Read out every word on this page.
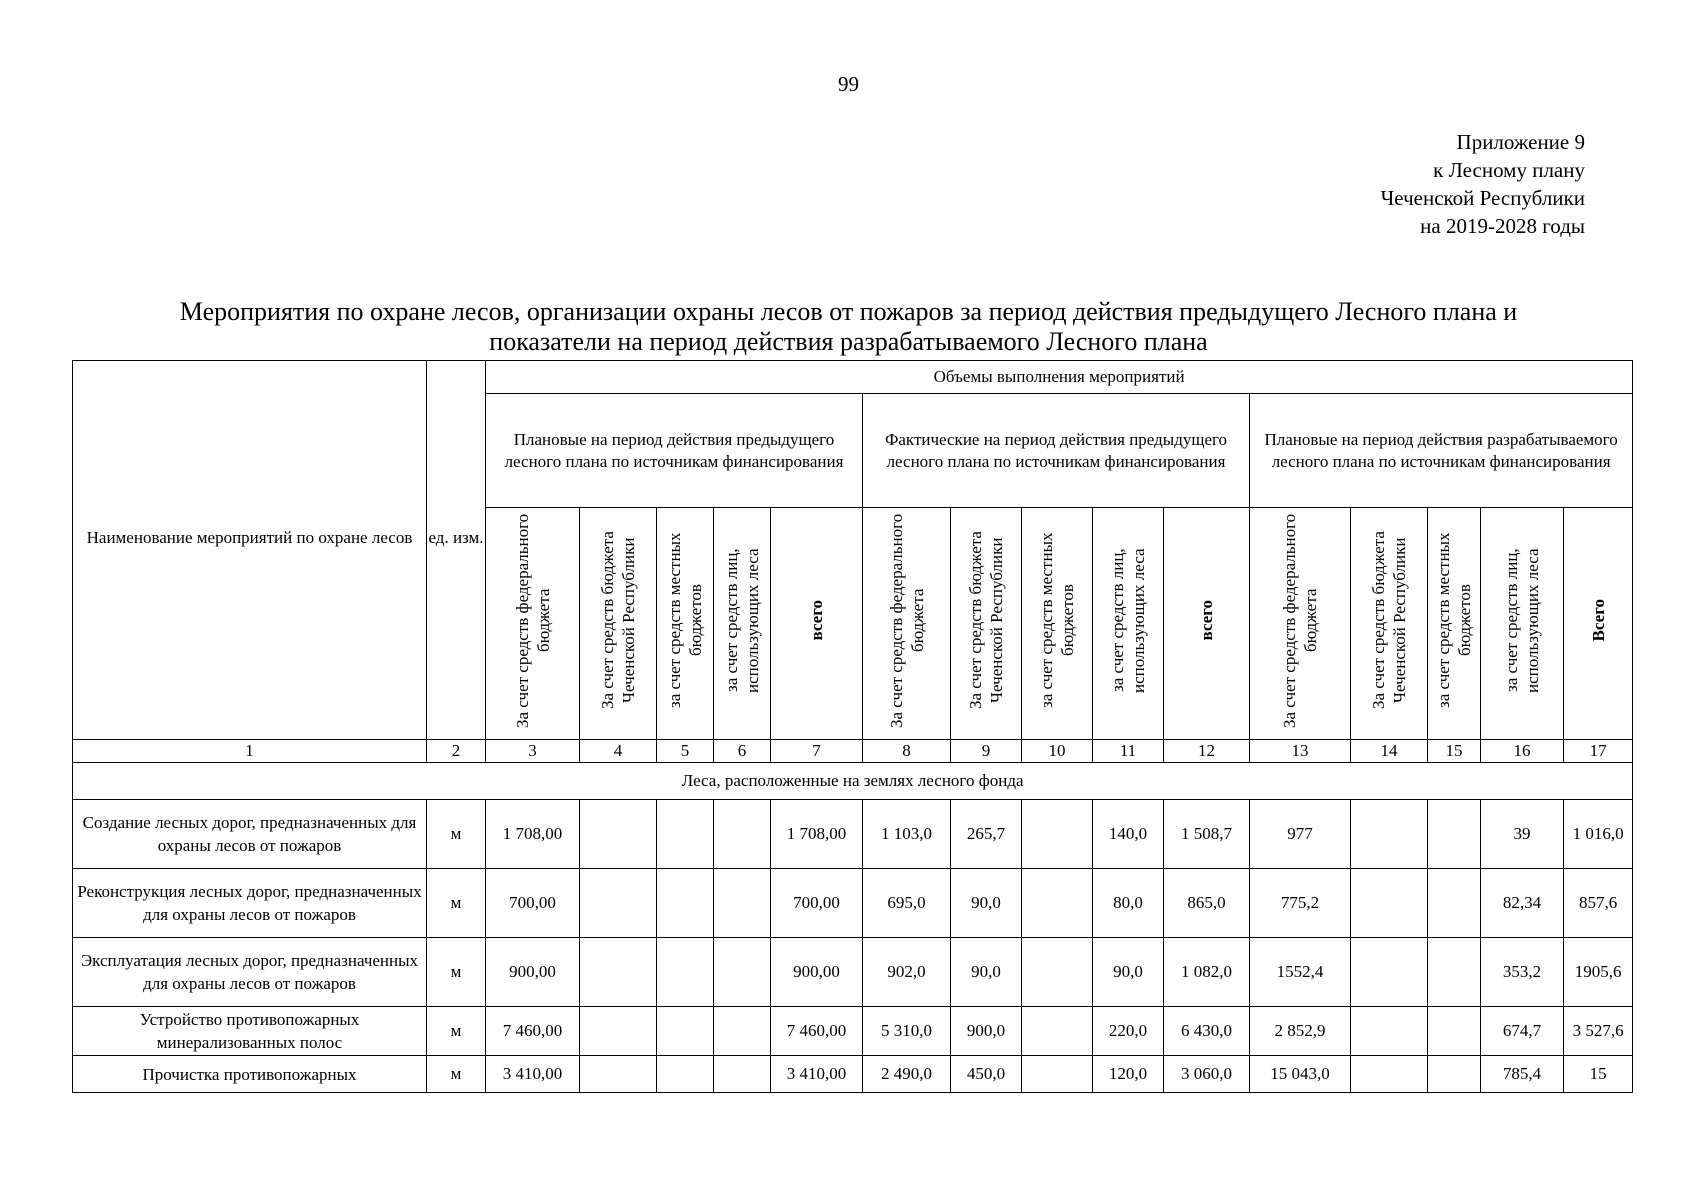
99
Приложение 9
к Лесному плану
Чеченской Республики
на 2019-2028 годы
Мероприятия по охране лесов, организации охраны лесов от пожаров за период действия предыдущего Лесного плана и
показатели на период действия разрабатываемого Лесного плана
Наименование мероприятий по охране лесов	ед. изм.	Объемы выполнения мероприятий														
		Плановые на период действия предыдущего лесного плана по источникам финансирования					Фактические на период действия предыдущего лесного плана по источникам финансирования					Плановые на период действия разрабатываемого лесного плана по источникам финансирования				
		За счет средств федерального бюджета	За счет средств бюджета Чеченской Республики	за счет средств местных бюджетов	за счет средств лиц, использующих леса	всего	За счет средств федерального бюджета	За счет средств бюджета Чеченской Республики	за счет средств местных бюджетов	за счет средств лиц, использующих леса	всего	За счет средств федерального бюджета	За счет средств бюджета Чеченской Республики	за счет средств местных бюджетов	за счет средств лиц, использующих леса	Всего
1	2	3	4	5	6	7	8	9	10	11	12	13	14	15	16	17
Леса, расположенные на землях лесного фонда																
Создание лесных дорог, предназначенных для охраны лесов от пожаров	м	1 708,00				1 708,00	1 103,0	265,7		140,0	1 508,7	977			39	1 016,0
Реконструкция лесных дорог, предназначенных для охраны лесов от пожаров	м	700,00				700,00	695,0	90,0		80,0	865,0	775,2			82,34	857,6
Эксплуатация лесных дорог, предназначенных для охраны лесов от пожаров	м	900,00				900,00	902,0	90,0		90,0	1 082,0	1552,4			353,2	1905,6
Устройство противопожарных минерализованных полос	м	7 460,00				7 460,00	5 310,0	900,0		220,0	6 430,0	2 852,9			674,7	3 527,6
Прочистка противопожарных	м	3 410,00				3 410,00	2 490,0	450,0		120,0	3 060,0	15 043,0			785,4	15
